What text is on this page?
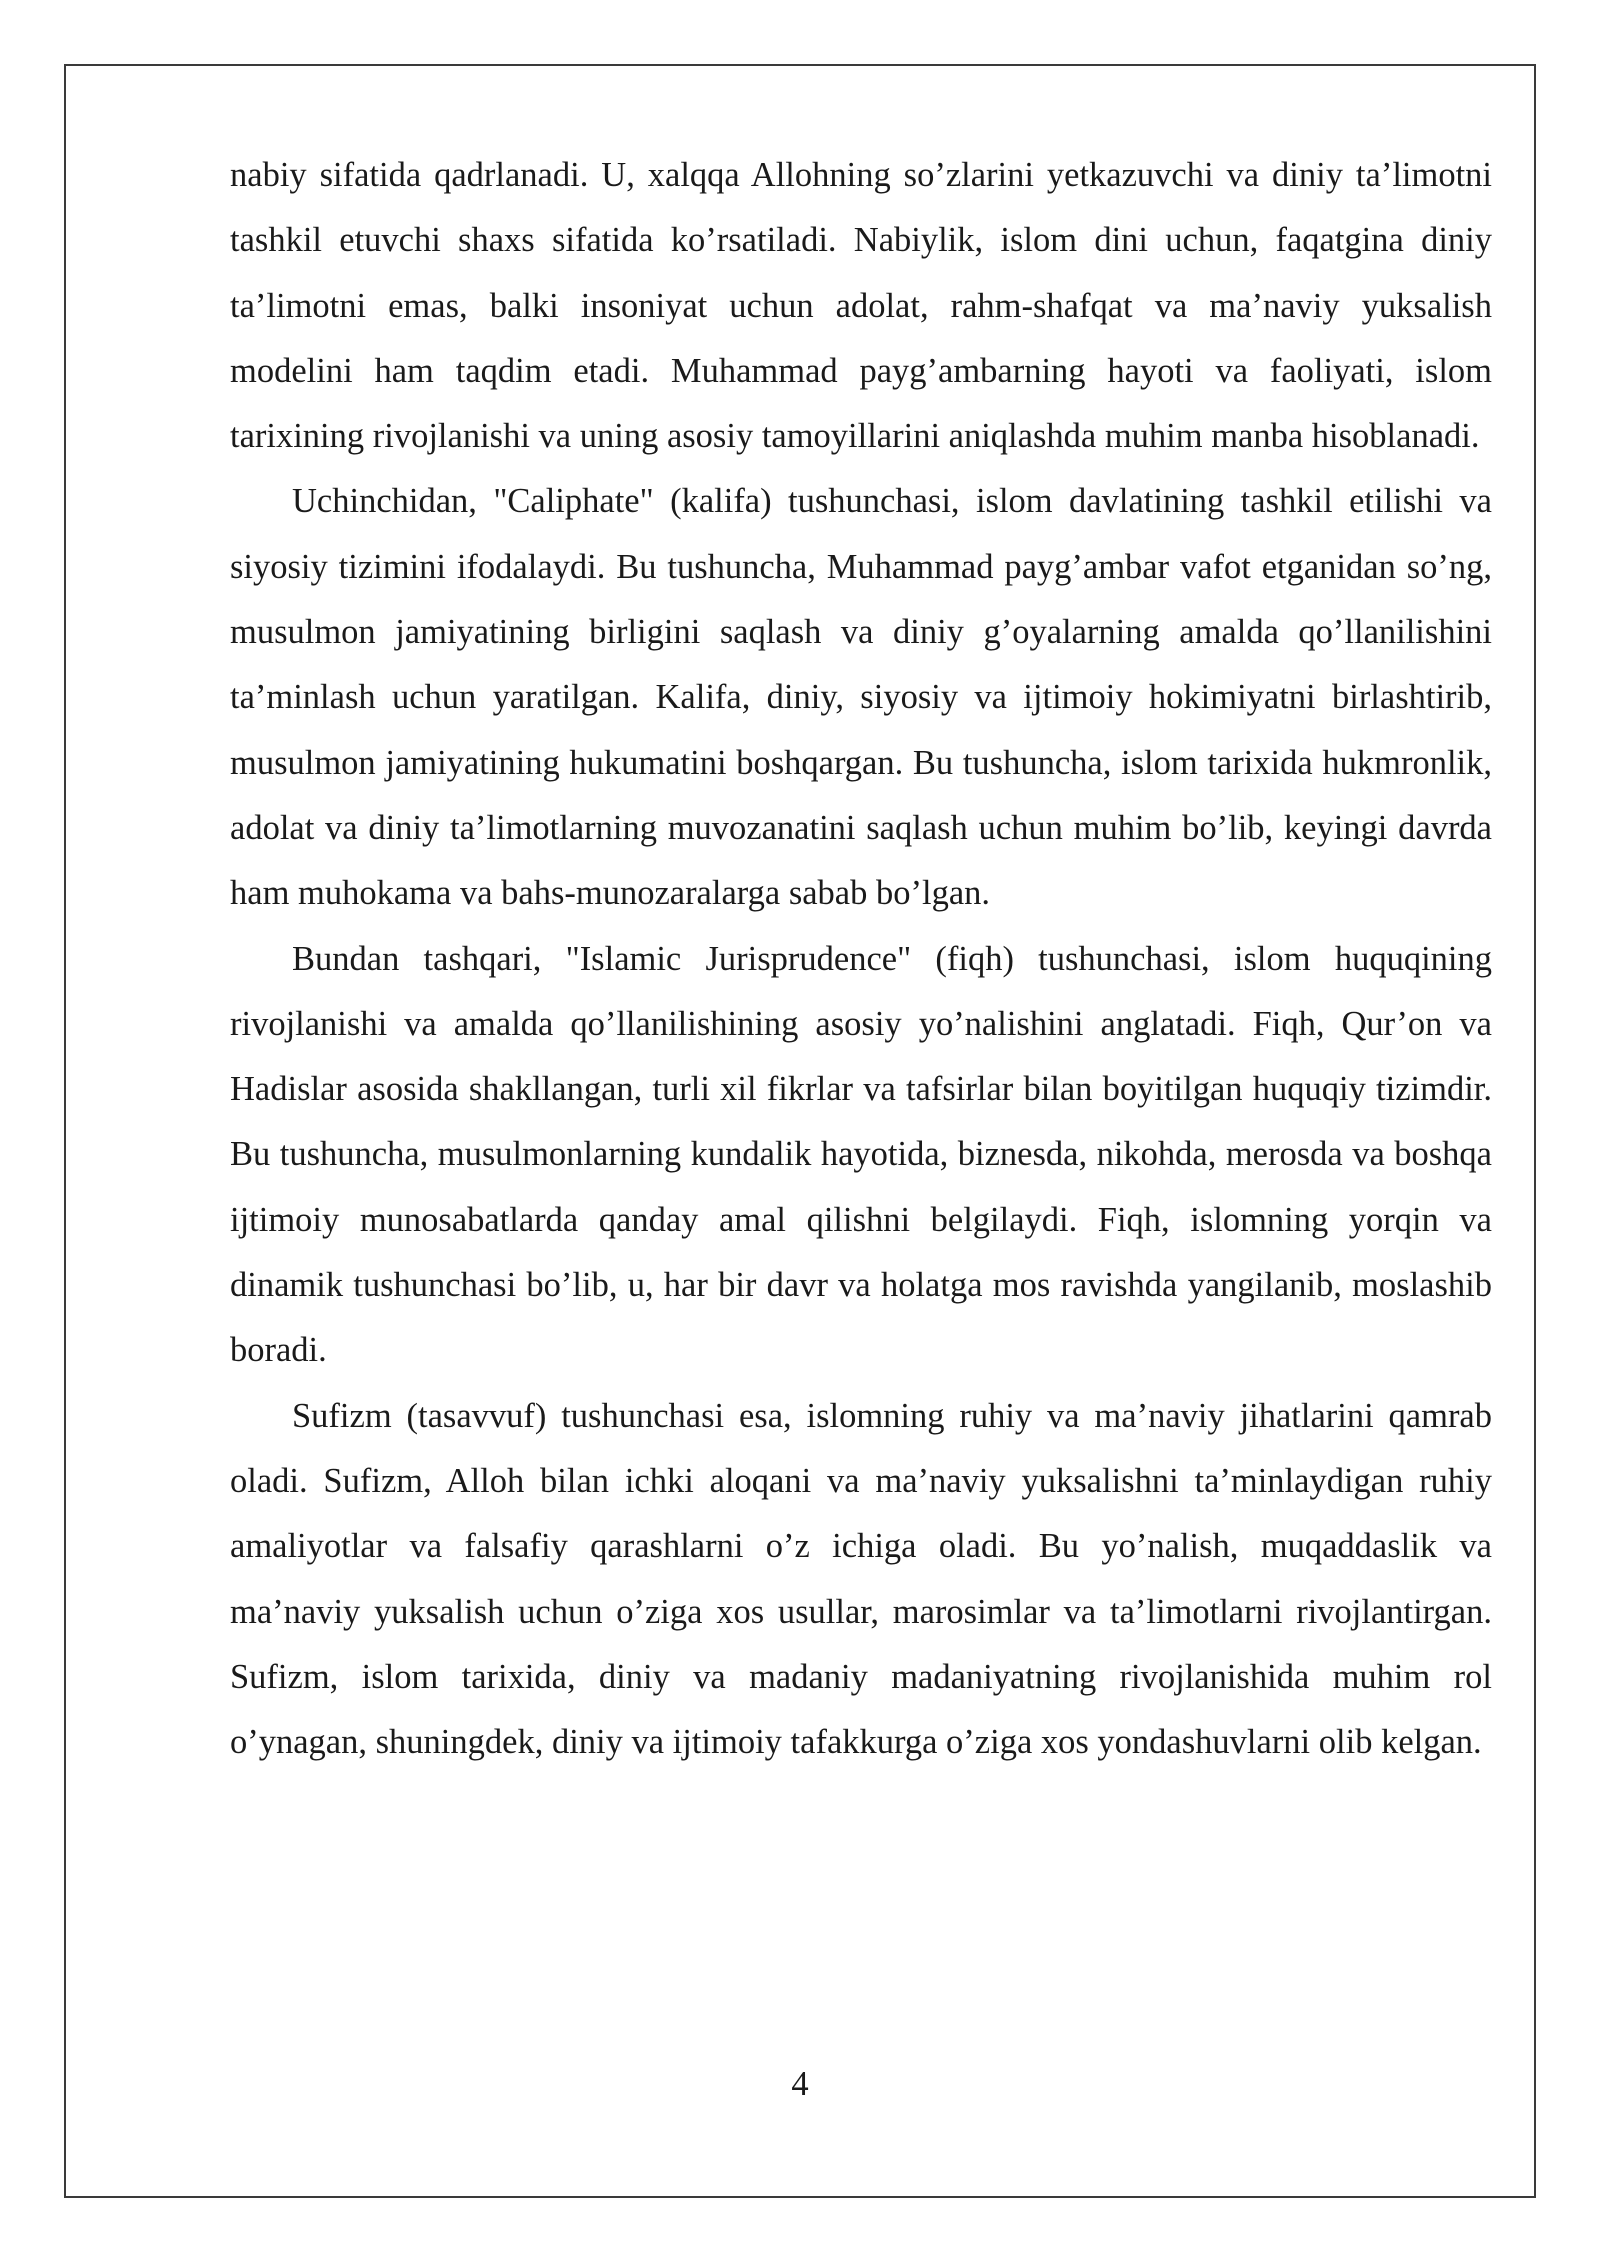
nabiy sifatida qadrlanadi. U, xalqqa Allohning so’zlarini yetkazuvchi va diniy ta’limotni tashkil etuvchi shaxs sifatida ko’rsatiladi. Nabiylik, islom dini uchun, faqatgina diniy ta’limotni emas, balki insoniyat uchun adolat, rahm-shafqat va ma’naviy yuksalish modelini ham taqdim etadi. Muhammad payg’ambarning hayoti va faoliyati, islom tarixining rivojlanishi va uning asosiy tamoyillarini aniqlashda muhim manba hisoblanadi.

Uchinchidan, "Caliphate" (kalifa) tushunchasi, islom davlatining tashkil etilishi va siyosiy tizimini ifodalaydi. Bu tushuncha, Muhammad payg’ambar vafot etganidan so’ng, musulmon jamiyatining birligini saqlash va diniy g’oyalarning amalda qo’llanilishini ta’minlash uchun yaratilgan. Kalifa, diniy, siyosiy va ijtimoiy hokimiyatni birlashtirib, musulmon jamiyatining hukumatini boshqargan. Bu tushuncha, islom tarixida hukmronlik, adolat va diniy ta’limotlarning muvozanatini saqlash uchun muhim bo’lib, keyingi davrda ham muhokama va bahs-munozaralarga sabab bo’lgan.

Bundan tashqari, "Islamic Jurisprudence" (fiqh) tushunchasi, islom huquqining rivojlanishi va amalda qo’llanilishining asosiy yo’nalishini anglatadi. Fiqh, Qur’on va Hadislar asosida shakllangan, turli xil fikrlar va tafsirlar bilan boyitilgan huquqiy tizimdir. Bu tushuncha, musulmonlarning kundalik hayotida, biznesda, nikohda, merosda va boshqa ijtimoiy munosabatlarda qanday amal qilishni belgilaydi. Fiqh, islomning yorqin va dinamik tushunchasi bo’lib, u, har bir davr va holatga mos ravishda yangilanib, moslashib boradi.

Sufizm (tasavvuf) tushunchasi esa, islomning ruhiy va ma’naviy jihatlarini qamrab oladi. Sufizm, Alloh bilan ichki aloqani va ma’naviy yuksalishni ta’minlaydigan ruhiy amaliyotlar va falsafiy qarashlarni o’z ichiga oladi. Bu yo’nalish, muqaddaslik va ma’naviy yuksalish uchun o’ziga xos usullar, marosimlar va ta’limotlarni rivojlantirgan. Sufizm, islom tarixida, diniy va madaniy madaniyatning rivojlanishida muhim rol o’ynagan, shuningdek, diniy va ijtimoiy tafakkurga o’ziga xos yondashuvlarni olib kelgan.

4
